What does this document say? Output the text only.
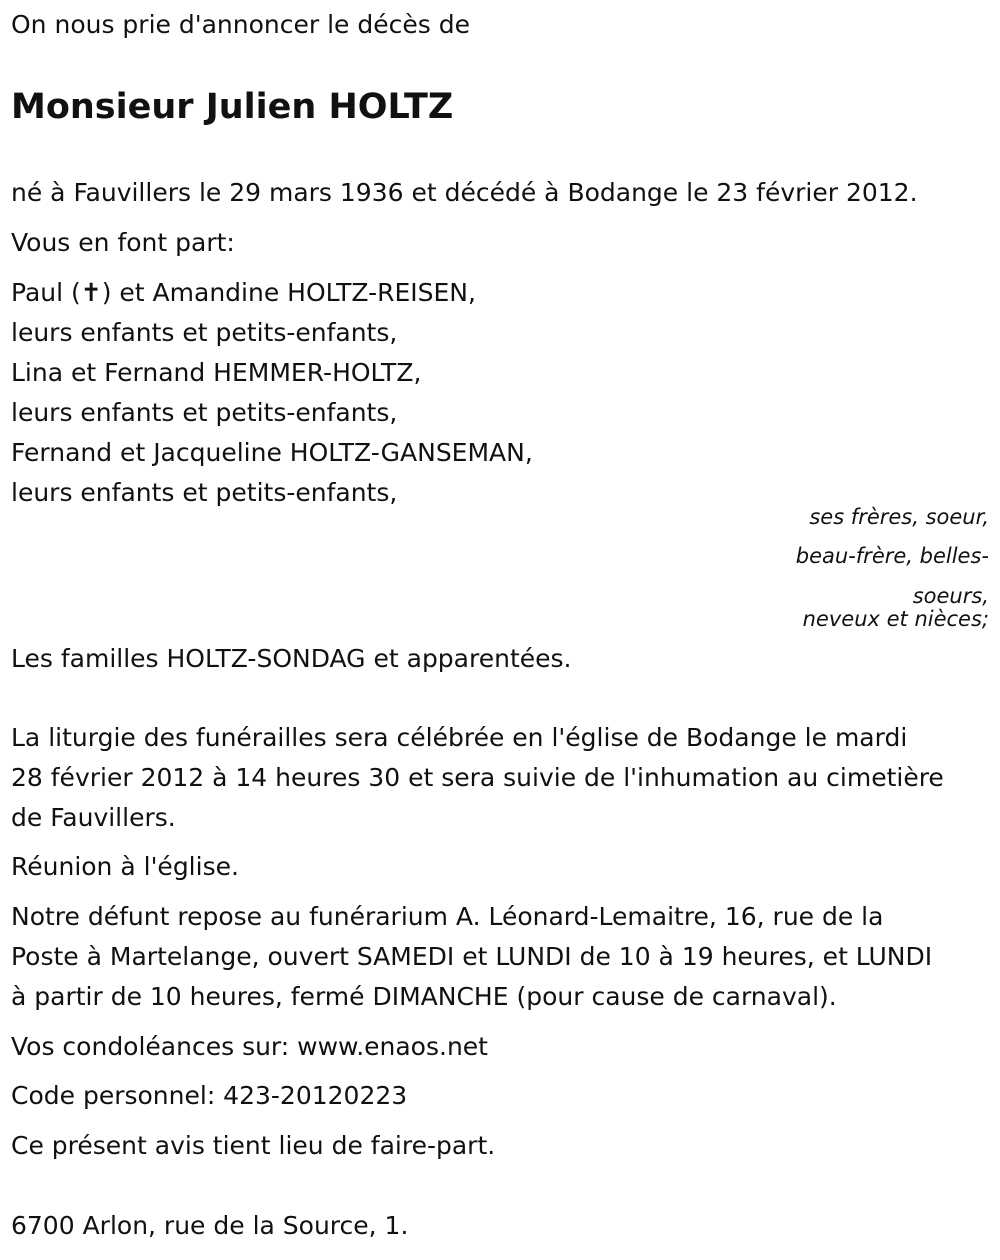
On nous prie d'annoncer le décès de
Monsieur Julien HOLTZ
né à Fauvillers le 29 mars 1936 et décédé à Bodange le 23 février 2012.
Vous en font part:
Paul (✝) et Amandine HOLTZ-REISEN,
leurs enfants et petits-enfants,
Lina et Fernand HEMMER-HOLTZ,
leurs enfants et petits-enfants,
Fernand et Jacqueline HOLTZ-GANSEMAN,
leurs enfants et petits-enfants,
ses frères, soeur,
beau-frère, belles-
soeurs,
neveux et nièces;
Les familles HOLTZ-SONDAG et apparentées.
La liturgie des funérailles sera célébrée en l'église de Bodange le mardi
28 février 2012 à 14 heures 30 et sera suivie de l'inhumation au cimetière
de Fauvillers.
Réunion à l'église.
Notre défunt repose au funérarium A. Léonard-Lemaitre, 16, rue de la
Poste à Martelange, ouvert SAMEDI et LUNDI de 10 à 19 heures, et LUNDI
à partir de 10 heures, fermé DIMANCHE (pour cause de carnaval).
Vos condoléances sur: www.enaos.net
Code personnel: 423-20120223
Ce présent avis tient lieu de faire-part.
6700 Arlon, rue de la Source, 1.
